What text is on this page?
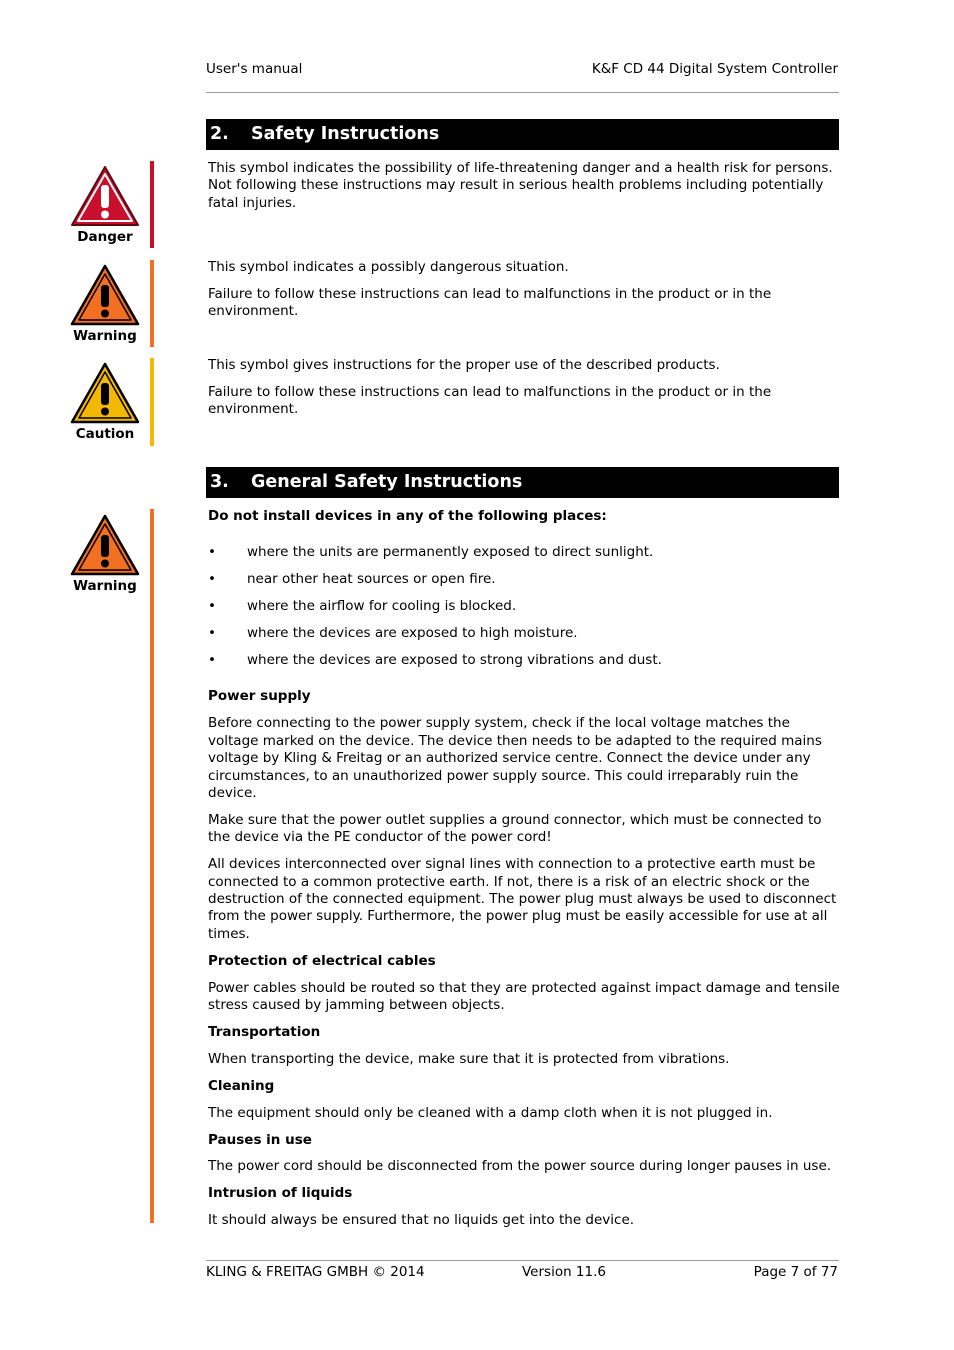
User's manual	K&F CD 44 Digital System Controller
2. Safety Instructions
Danger

This symbol indicates the possibility of life-threatening danger and a health risk for persons. Not following these instructions may result in serious health problems including potentially fatal injuries.

Warning

This symbol indicates a possibly dangerous situation.

Failure to follow these instructions can lead to malfunctions in the product or in the environment.

Caution

This symbol gives instructions for the proper use of the described products.

Failure to follow these instructions can lead to malfunctions in the product or in the environment.

3. General Safety Instructions
Warning

Do not install devices in any of the following places:

• where the units are permanently exposed to direct sunlight.
• near other heat sources or open fire.
• where the airflow for cooling is blocked.
• where the devices are exposed to high moisture.
• where the devices are exposed to strong vibrations and dust.

Power supply

Before connecting to the power supply system, check if the local voltage matches the voltage marked on the device. The device then needs to be adapted to the required mains voltage by Kling & Freitag or an authorized service centre. Connect the device under any circumstances, to an unauthorized power supply source. This could irreparably ruin the device.

Make sure that the power outlet supplies a ground connector, which must be connected to the device via the PE conductor of the power cord!

All devices interconnected over signal lines with connection to a protective earth must be connected to a common protective earth. If not, there is a risk of an electric shock or the destruction of the connected equipment. The power plug must always be used to disconnect from the power supply. Furthermore, the power plug must be easily accessible for use at all times.

Protection of electrical cables

Power cables should be routed so that they are protected against impact damage and tensile stress caused by jamming between objects.

Transportation

When transporting the device, make sure that it is protected from vibrations.

Cleaning

The equipment should only be cleaned with a damp cloth when it is not plugged in.

Pauses in use

The power cord should be disconnected from the power source during longer pauses in use.

Intrusion of liquids

It should always be ensured that no liquids get into the device.

KLING & FREITAG GMBH © 2014	Version 11.6	Page 7 of 77
